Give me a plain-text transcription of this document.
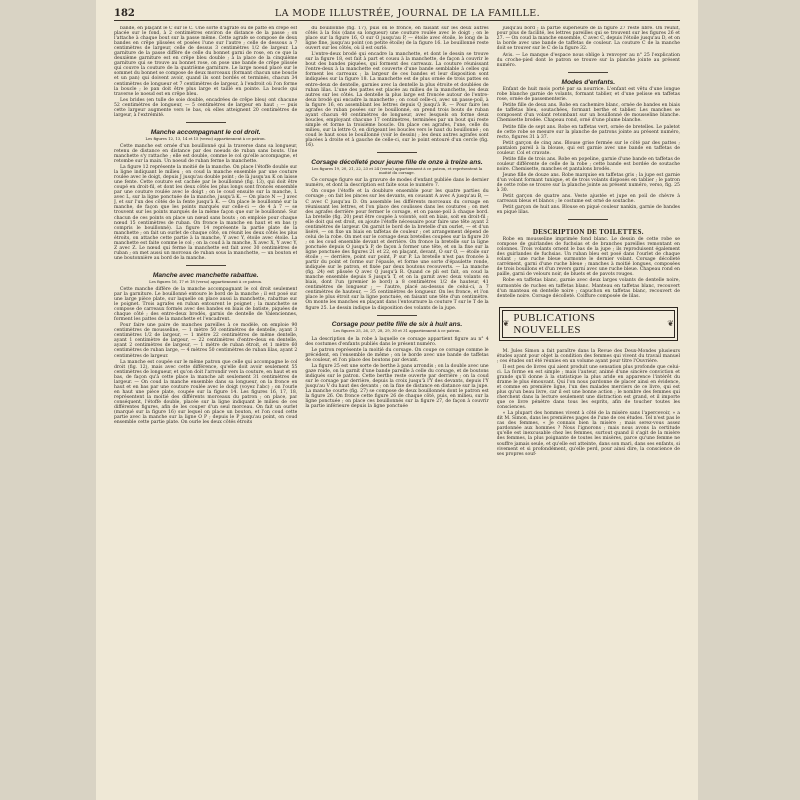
182	LA MODE ILLUSTRÉE, JOURNAL DE LA FAMILLE.

bande, en plaçant le C sur le C. Une sorte d'agrafe ou de patte en crêpe est placée sur le fond, à 2 centimètres environ de distance de la passe ; on l'attache à chaque bout sur la passe même. Cette agrafe se compose de deux bandes en crêpe plissées et posées l'une sur l'autre ; celle de dessous a 7 centimètres de largeur, celle de dessus 3 centimètres 1/2 de largeur. La garniture de la passe diffère de celle du bonnet garni de rose, en ce que la deuxième garniture est en crêpe bleu double ; à la place de la cinquième garniture qui se trouve au bonnet rose, on pose une bande de crêpe plissée qui couvre la couture de la quatrième garniture. Le large noeud placé sur le sommet du bonnet se compose de deux morceaux (formant chacun une boucle et un pan) qui doivent avoir, quand ils sont bordés et terminés, chacun 34 centimètres de longueur et 7 centimètres de largeur, à l'endroit où l'on forme la boucle ; le pan doit être plus large et taillé en pointe. La boucle qui traverse le noeud est en crêpe bleu.

Les brides (en tulle de soie double, encadrées de crêpe bleu) ont chacune 52 centimètres de longueur, — 5 centimètres de largeur en haut ; — puis cette largeur augmente vers le bas, où elles atteignent 20 centimètres de largeur, à l'extrémité.

Manche accompagnant le col droit.
Les figures 12, 13, 14 et 15 (verso) appartiennent à ce patron.

Cette manche est ornée d'un bouillonné qui la traverse dans sa longueur, retenu de distance en distance par des noeuds de ruban sans bouts. Une manchette s'y rattache ; elle est double, comme le col qu'elle accompagne, et retombe sur la main. Un noeud de ruban ferme la manchette.

La figure 12 représente la moitié de la manche. On place l'étoffe double sur la ligne indiquant le milieu ; on coud la manche ensemble par une couture roulée avec le doigt, depuis J jusqu'au double point ; de là jusqu'au K on laisse une fente. Cette couture est cachée par le bouillonné (fig. 13), qui doit être coupé en droit-fil, et dont les deux côtés les plus longs sont froncés ensemble par une couture roulée avec le doigt ; on le coud ensuite sur la manche, L avec L, sur la ligne ponctuée de la manche, jusqu'à K. — On place N — J avec J, et sur l'un des côtés de la fente jusqu'à K. — On place le bouillonné sur la manche, de façon que les points marqués sur celle-ci — de 4 à 7 — se trouvent sur les points marqués de la même façon que sur le bouillonné. Sur chacun de ces points on place un nœud sans bouts ; on emploie pour chaque nœud 15 centimètres de ruban. On fronce la manche en haut et en bas (y compris le bouillonné). La figure 14 représente la partie plate de la manchette ; on fait un ourlet de chaque côté, on réunit les deux côtés les plus étroits, on attache cette partie à la manche, Y avec Y, étoile avec étoile. La manchette est faite comme le col ; on la coud à la manche, X avec X, Y avec Y, Z avec Z. Le nœud qui ferme la manchette est fait avec 30 centimètres de ruban ; on met aussi un morceau de ruban sous la manchette, — un bouton et une boutonnière au bord de la manche.

Manche avec manchette rabattue.
Les figures 16, 17 et 18 (verso) appartiennent à ce patron.

Cette manche diffère de la manche accompagnant le col droit seulement par la garniture. Le bouillonné entoure le bord de la manche ; il est posé sur une large pièce plate, sur laquelle on place aussi la manchette, rabattue sur le poignet. Trois agrafes en ruban entourent le poignet ; la manchette se compose de carreaux formés avec des bandes en biais de batiste, piquées de chaque côté ; des entre-deux brodés, garnis de dentelle de Valenciennes, forment les pattes de la manchette et l'encadrent.

Pour faire une paire de manches pareilles à ce modèle, on emploie 90 centimètres de mousseline, — 1 mètre 50 centimètres de dentelle, ayant 3 centimètres 1/2 de largeur, — 1 mètre 22 centimètres de même dentelle, ayant 1 centimètre de largeur, — 22 centimètres d'entre-deux en dentelle, ayant 2 centimètres de largeur, — 1 mètre de ruban étroit, et 1 mètre 60 centimètres de ruban large, — 4 mètres 50 centimètres de ruban lilas, ayant 2 centimètres de largeur.

La manche est coupée sur le même patron que celle qui accompagne le col droit (fig. 12), mais avec cette différence, qu'elle doit avoir seulement 55 centimètres de longueur, et qu'on doit l'arrondir vers la couture, en haut et en bas, de façon qu'à cette place la manche ait seulement 31 centimètres de largeur. — On coud la manche ensemble dans sa longueur, on la fronce en haut et en bas par une couture roulée avec le doigt (voyez l'abc) ; on l'ourle en haut une pièce plate, coupée sur la figure 14. Les figures 16, 17, 18, représentent la moitié des différents morceaux du patron ; on place, par conséquent, l'étoffe double, placée sur la ligne indiquant le milieu de ces différentes figures, afin de les couper d'un seul morceau. On fait un ourlet (marqué sur la figure 16) sur lequel on place un bouton, et l'on coud cette partie avec la manche sur la ligne O P ; depuis le P jusqu'au point, on coud ensemble cette partie plate. On ourle les deux côtés étroits

du bouillonné (fig. 17), puis on le fronce, en faisant sur les deux autres côtés à la fois (dans sa longueur) une couture roulée avec le doigt ; on le place sur la figure 16, O sur O jusqu'au P, — étoile avec étoile, le long de la ligne fine, jusqu'au point (on petite étoile) de la figure 16. Le bouillonné reste ouvert sur les côtés, où il est ourlé.

L'entre-deux brodé qui encadre la manchette, et dont le dessin se trouve sur la figure 18, est fait à part et cousu à la manchette, de façon à couvrir le bout des bandes piquées, qui forment des carreaux. La couture réunissant l'entre-deux à la manchette est couverte d'une bande semblable à celles qui forment les carreaux ; la largeur de ces bandes et leur disposition sont indiquées sur la figure 18. La manchette est de plus ornée de trois pattes en entre-deux de dentelle, garnies avec la dentelle la plus étroite et doublées de ruban lilas. L'une des pattes est placée au milieu de la manchette, les deux autres sur les côtés. La dentelle la plus large est froncée autour de l'entre-deux brodé qui encadre la manchette ; on coud celle-ci, avec un passe-poil, à la figure 16, en assemblant les lettres depuis Q jusqu'à R. — Pour faire les agrafes de ruban posées sur le bouillonné, on prend trois bouts de ruban ayant chacun 40 centimètres de longueur, avec lesquels on forme deux boucles, employant chacune 17 centimètres, terminées par un bout qui reste simple et forme la troisième boucle. On place ces agrafes, l'une, celle du milieu, sur la lettre O, en dirigeant les boucles vers le haut du bouillonné ; on coud le haut sous le bouillonné (voir le dessin) ; les deux autres agrafes sont placées à droite et à gauche de celle-ci, sur le point entouré d'un cercle (fig. 16).

Corsage décolleté pour jeune fille de onze à treize ans.
Les figures 19, 20, 21, 22, 23 et 24 (verso) appartiennent à ce patron, et représentent la moitié du corsage.

Ce corsage figure sur la gravure de modes d'enfant publiée dans le dernier numéro, et dont la description est faite sous le numéro 7.

On coupe l'étoffe et la doublure ensemble pour les quatre parties du corsage ; on fait les pinces sur les devants, en cousant A avec A jusqu'au B, — C avec C jusqu'au D. On assemble les différents morceaux du corsage en réunissant les lettres, et l'on place des coulisses dans les coutures ; on met des agrafes derrière pour fermer le corsage, et on passe-poil à chaque bord. La bretelle (fig. 20) peut être coupée à volonté, soit en biais, soit en droit-fil ; elle doit qui est droit, on ajoute l'étoffe nécessaire pour faire une tête ayant 2 centimètres de largeur. On garnit le bord de la bretelle d'un ourlet, — et d'un liséré, — on fixe un biais en taffetas de couleur ; cet arrangement dépend de celui de la robe. On met sur le corsage deux bretelles coupées sur la figure 20 ; on les coud ensemble devant et derrière. On fronce la bretelle sur la ligne ponctuée depuis O jusqu'à P, de façon à former une tête, et on la fixe sur la ligne ponctuée des figures 21 et 22, en plaçant, devant, O sur O, — étoile sur étoile ; — derrière, point sur point, P sur P. La bretelle n'est pas froncée à partir du point et forme sur l'épaule, et forme une sorte d'épaulette ronde, indiquée sur le patron, et fixée par deux boutons recouverts. — La manche (fig. 24) est plissée Q avec Q jusqu'à R. Quand ce pli est fait, on coud la manche ensemble depuis S jusqu'à T, et on la garnit avec deux volants en biais, dont l'un (premier le bord) a 8 centimètres 1/2 de hauteur, 41 centimètres de longueur ; — l'autre, placé au-dessus de celui-ci, a 7 centimètres de hauteur, — 35 centimètres de longueur. On les fronce, et l'on place le plus étroit sur la ligne ponctuée, en faisant une tête d'un centimètre. On monte les manches en plaçant dans l'entournure la couture T sur le T de la figure 25. Le dessin indique la disposition des volants de la jupe.

Corsage pour petite fille de six à huit ans.
Les figures 25, 26, 27, 28, 29, 30 et 31 appartiennent à ce patron.

La description de la robe à laquelle ce corsage appartient figure au n° 4 des costumes d'enfants publiés dans le présent numéro.

Le patron représente la moitié du corsage. On coupe ce corsage comme le précédent, en l'ensemble de même ; on le borde avec une bande de taffetas de couleur, et l'on place des boutons par devant.

La figure 25 est une sorte de berthe à pans arrondis ; on la double avec une gaze roide, on la garnit d'une bande pareille à celle du corsage, et de boutons indiqués sur le patron. Cette berthe reste ouverte par derrière ; on la coud sur le corsage par derrière, depuis la croix jusqu'à l'Y des devants, depuis l'Y jusqu'au V du haut des devants ; on la fixe de distance en distance sur la jupe. La manche courte (fig. 27) se compose de deux bouillonnés dont le patron est la figure 26. On fronce cette figure 26 de chaque côté, puis, en milieu, sur la ligne ponctuée ; on place ces bouillonnés sur la figure 27, de façon à couvrir la partie inférieure depuis la ligne ponctuée

jusqu'au bord ; la partie supérieure de la figure 27 reste libre. On réunit, pour plus de facilité, les lettres pareilles qui se trouvent sur les figures 26 et 27. — On coud la manche ensemble, C avec C, depuis l'étoile jusqu'au D, et on la borde avec une bande de taffetas de couleur. La couture C de la manche doit se trouver sur le C de la figure 32.

Avis. — Le manque d'espace nous oblige à renvoyer au n° 25 l'explication du croche-pied dont le patron se trouve sur la planche jointe au présent numéro.
Modes d'enfants.

Enfant de huit mois porté par sa nourrice. L'enfant est vêtu d'une longue robe blanche garnie de volants, formant tablier, et d'une pelisse en taffetas rose, ornée de passementerie.

Petite fille de deux ans. Robe en cachemire blanc, ornée de bandes en biais de taffetas bleu, soutachées, formant berthe et tablier. Les manches se composent d'un volant retombant sur un bouillonné de mousseline blanche. Chemisette brodée. Chapeau rond, orné d'une plume blanche.

Petite fille de sept ans. Robe en taffetas vert, ornée de bretelles. Le paletot de cette robe se mesure sur la planche de patrons jointe au présent numéro, recto, figures 31 à 37.

Petit garçon de cinq ans. Blouse grise fermée sur le côté par des pattes ; pantalon pareil à la blouse, qui est garnie avec une bande en taffetas de couleur. Col et cravate.

Petite fille de trois ans. Robe en popeline, garnie d'une bande en taffetas de couleur différente de celle de la robe ; cette bande est bordée de soutache noire. Chemisette, manches et pantalons brodés.

Jeune fille de douze ans. Robe marquise en taffetas gris ; la jupe est garnie d'un volant formant tunique, et de trois volants disposés en tablier ; le patron de cette robe se trouve sur la planche jointe au présent numéro, verso, fig. 25 à 30.

Petit garçon de quatre ans. Veste ajustée et jupe en poil de chèvre à carreaux bleus et blancs ; le costume est orné de soutache.

Petit garçon de huit ans. Blouse en piqué couleur nankin, garnie de bandes en piqué lilas.

DESCRIPTION DE TOILETTES.

Robe en mousseline imprimée fond blanc. Le dessin de cette robe se compose de guirlandes de fuchsias et de branches pareilles remontant en colonnes. Trois volants ornent le bas de la jupe ; ils reproduisent également des guirlandes de fuchsias. Un ruban bleu est posé dans l'ourlet de chaque volant ; une ruche bleue surmonte le dernier volant. Corsage décolleté carrément, garni d'une ruche bleue ; manches à moitié longues, composées de trois bouillons et d'un revers garni avec une ruche bleue. Chapeau rond en paille, garni de velours noir, de bluets et de pavots rouges.

Robe en taffetas blanc, garnie avec deux larges volants de dentelle noire, surmontés de ruches en taffetas blanc. Manteau en taffetas blanc, recouvert d'un manteau en dentelle noire ; capuchon en taffetas blanc, recouvert de dentelle noire. Corsage décolleté. Coiffure composée de lilas.

❦ PUBLICATIONS NOUVELLES	❦

M. Jules Simon a fait paraître dans la Revue des Deux-Mondes plusieurs études ayant pour objet la condition des femmes qui vivent du travail manuel ; ces études ont été réunies en un volume ayant pour titre l'Ouvrière.

Il est peu de livres qui aient produit une sensation plus profonde que celui-ci. La forme en est simple ; mais l'auteur, animé d'une sincère conviction et grande qu'il donne à la statistique la plus aride en apparence l'intérêt du drame le plus émouvant. Qui l'on nous pardonne de placer ainsi en évidence, et comme en première ligne, l'un des malades merciers de ce livre, qui est plus qu'un beau livre, car il est une bonne action ; le nombre des femmes qui cherchent dans la lecture seulement une distraction est grand, et il importe que ce livre pénètre dans tous les esprits, afin de toucher toutes les consciences.

« La plupart des hommes vivent à côté de la misère sans l'apercevoir, » a dit M. Simon, dans les premières pages de l'une de ces études. Tel n'est pas le cas des femmes, « Je connais bien la misère ; mais serez-vous assez pardonnée aux hommes ? Nous l'ignorons ; mais nous avons la certitude qu'elle est inexcusable chez les femmes, surtout quand il s'agit de la misère des femmes, la plus poignante de toutes les misères, parce qu'une femme ne souffre jamais seule, et qu'elle est atteinte, dans son mari, dans ses enfants, si vivement et si profondément, qu'elle perd, pour ainsi dire, la conscience de ses propres souf-
